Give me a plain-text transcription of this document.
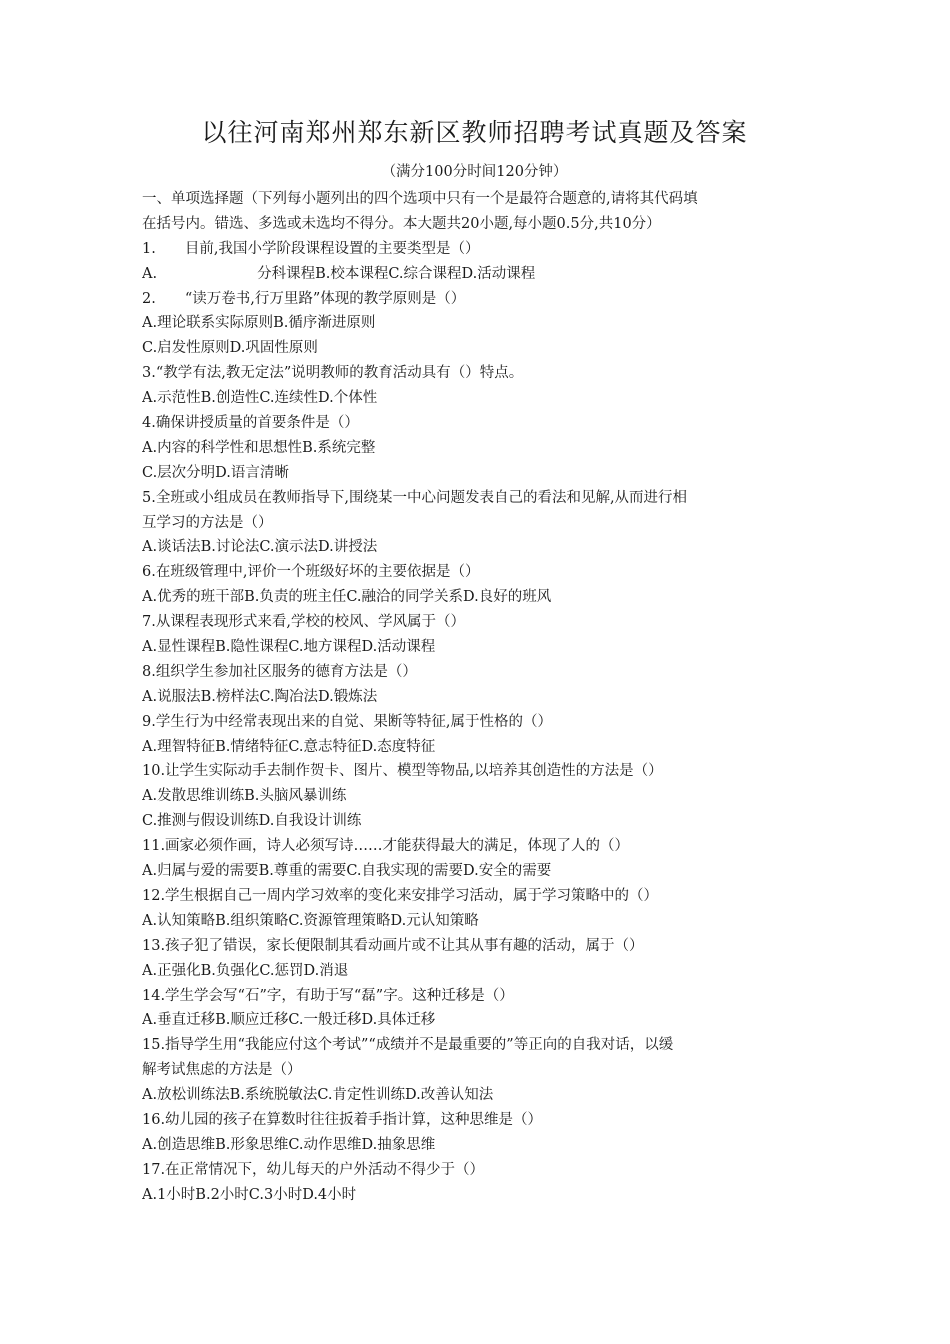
以往河南郑州郑东新区教师招聘考试真题及答案
（满分100分时间120分钟）
一、单项选择题（下列每小题列出的四个选项中只有一个是最符合题意的,请将其代码填
在括号内。错选、多选或未选均不得分。本大题共20小题,每小题0.5分,共10分）
1.　　目前,我国小学阶段课程设置的主要类型是（）
A.	分科课程B.校本课程C.综合课程D.活动课程
2.　　“读万卷书,行万里路”体现的教学原则是（）
A.理论联系实际原则B.循序渐进原则
C.启发性原则D.巩固性原则
3.“教学有法,教无定法”说明教师的教育活动具有（）特点。
A.示范性B.创造性C.连续性D.个体性
4.确保讲授质量的首要条件是（）
A.内容的科学性和思想性B.系统完整
C.层次分明D.语言清晰
5.全班或小组成员在教师指导下,围绕某一中心问题发表自己的看法和见解,从而进行相
互学习的方法是（）
A.谈话法B.讨论法C.演示法D.讲授法
6.在班级管理中,评价一个班级好坏的主要依据是（）
A.优秀的班干部B.负责的班主任C.融洽的同学关系D.良好的班风
7.从课程表现形式来看,学校的校风、学风属于（）
A.显性课程B.隐性课程C.地方课程D.活动课程
8.组织学生参加社区服务的德育方法是（）
A.说服法B.榜样法C.陶冶法D.锻炼法
9.学生行为中经常表现出来的自觉、果断等特征,属于性格的（）
A.理智特征B.情绪特征C.意志特征D.态度特征
10.让学生实际动手去制作贺卡、图片、模型等物品,以培养其创造性的方法是（）
A.发散思维训练B.头脑风暴训练
C.推测与假设训练D.自我设计训练
11.画家必须作画，诗人必须写诗……才能获得最大的满足，体现了人的（）
A.归属与爱的需要B.尊重的需要C.自我实现的需要D.安全的需要
12.学生根据自己一周内学习效率的变化来安排学习活动，属于学习策略中的（）
A.认知策略B.组织策略C.资源管理策略D.元认知策略
13.孩子犯了错误，家长便限制其看动画片或不让其从事有趣的活动，属于（）
A.正强化B.负强化C.惩罚D.消退
14.学生学会写“石”字，有助于写“磊”字。这种迁移是（）
A.垂直迁移B.顺应迁移C.一般迁移D.具体迁移
15.指导学生用“我能应付这个考试”“成绩并不是最重要的”等正向的自我对话，以缓
解考试焦虑的方法是（）
A.放松训练法B.系统脱敏法C.肯定性训练D.改善认知法
16.幼儿园的孩子在算数时往往扳着手指计算，这种思维是（）
A.创造思维B.形象思维C.动作思维D.抽象思维
17.在正常情况下，幼儿每天的户外活动不得少于（）
A.1小时B.2小时C.3小时D.4小时
